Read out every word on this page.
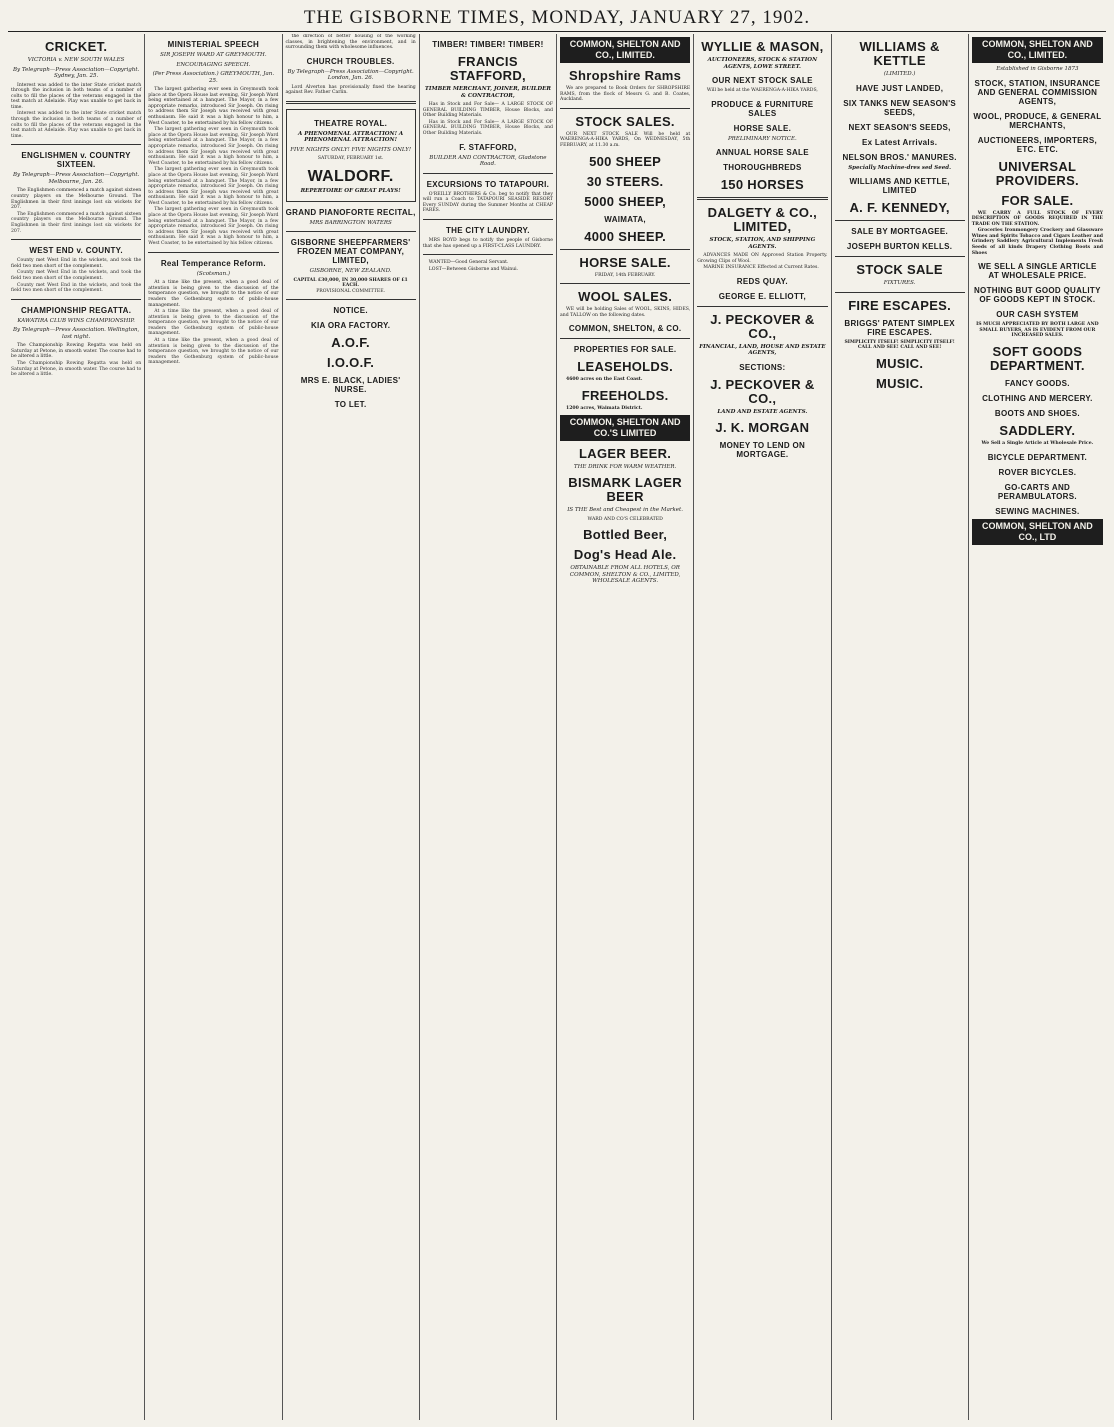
THE GISBORNE TIMES, MONDAY, JANUARY 27, 1902.
CRICKET.
VICTORIA v. NEW SOUTH WALES
By Telegraph—Press Association—Copyright. Sydney, Jan. 25.

Interest was added to the inter State cricket match through the inclusion in both teams of a number of colts to fill the places of the veterans engaged in the test match at Adelaide. Play was unable to get back in time.

Interest was added to the inter State cricket match through the inclusion in both teams of a number of colts to fill the places of the veterans engaged in the test match at Adelaide. Play was unable to get back in time.

ENGLISHMEN v. COUNTRY SIXTEEN.
By Telegraph—Press Association—Copyright. Melbourne, Jan. 26.

The Englishmen commenced a match against sixteen country players on the Melbourne Ground. The Englishmen in their first innings lost six wickets for 207.

The Englishmen commenced a match against sixteen country players on the Melbourne Ground. The Englishmen in their first innings lost six wickets for 207.

WEST END v. COUNTY.

County met West End in the wickets, and took the field two men short of the complement.

County met West End in the wickets, and took the field two men short of the complement.

County met West End in the wickets, and took the field two men short of the complement.

CHAMPIONSHIP REGATTA.
KAWATIRA CLUB WINS CHAMPIONSHIP.
By Telegraph—Press Association. Wellington, last night.

The Championship Rowing Regatta was held on Saturday at Petone, in smooth water. The course had to be altered a little.

The Championship Rowing Regatta was held on Saturday at Petone, in smooth water. The course had to be altered a little.

MINISTERIAL SPEECH
SIR JOSEPH WARD AT GREYMOUTH.
ENCOURAGING SPEECH.
(Per Press Association.) GREYMOUTH, Jan. 25.

The largest gathering ever seen in Greymouth took place at the Opera House last evening, Sir Joseph Ward being entertained at a banquet. The Mayor, in a few appropriate remarks, introduced Sir Joseph. On rising to address them Sir Joseph was received with great enthusiasm. He said it was a high honour to him, a West Coaster, to be entertained by his fellow citizens.

The largest gathering ever seen in Greymouth took place at the Opera House last evening, Sir Joseph Ward being entertained at a banquet. The Mayor, in a few appropriate remarks, introduced Sir Joseph. On rising to address them Sir Joseph was received with great enthusiasm. He said it was a high honour to him, a West Coaster, to be entertained by his fellow citizens.

The largest gathering ever seen in Greymouth took place at the Opera House last evening, Sir Joseph Ward being entertained at a banquet. The Mayor, in a few appropriate remarks, introduced Sir Joseph. On rising to address them Sir Joseph was received with great enthusiasm. He said it was a high honour to him, a West Coaster, to be entertained by his fellow citizens.

The largest gathering ever seen in Greymouth took place at the Opera House last evening, Sir Joseph Ward being entertained at a banquet. The Mayor, in a few appropriate remarks, introduced Sir Joseph. On rising to address them Sir Joseph was received with great enthusiasm. He said it was a high honour to him, a West Coaster, to be entertained by his fellow citizens.

Real Temperance Reform.
(Scotsman.)

At a time like the present, when a good deal of attention is being given to the discussion of the temperance question, we brought to the notice of our readers the Gothenburg system of public-house management.

At a time like the present, when a good deal of attention is being given to the discussion of the temperance question, we brought to the notice of our readers the Gothenburg system of public-house management.

At a time like the present, when a good deal of attention is being given to the discussion of the temperance question, we brought to the notice of our readers the Gothenburg system of public-house management.

the direction of better housing of the working classes, in brightening the environment, and in surrounding them with wholesome influences.

CHURCH TROUBLES.
By Telegraph—Press Association—Copyright. London, Jan. 26.

Lord Alverton has provisionally fixed the hearing against Rev. Father Carlin.

THEATRE ROYAL.
A PHENOMENAL ATTRACTION! A PHENOMENAL ATTRACTION!
FIVE NIGHTS ONLY! FIVE NIGHTS ONLY!
SATURDAY, FEBRUARY 1st.
WALDORF.
REPERTOIRE OF GREAT PLAYS!
GRAND PIANOFORTE RECITAL,
MRS BARRINGTON WATERS
GISBORNE SHEEPFARMERS' FROZEN MEAT COMPANY, LIMITED,
GISBORNE, NEW ZEALAND.
CAPITAL £30,000, IN 30,000 SHARES OF £1 EACH.
PROVISIONAL COMMITTEE.
NOTICE.
KIA ORA FACTORY.
A.O.F.
I.O.O.F.
MRS E. BLACK, LADIES' NURSE.
TO LET.
TIMBER! TIMBER! TIMBER!
FRANCIS STAFFORD,
TIMBER MERCHANT, JOINER, BUILDER & CONTRACTOR,

Has in Stock and For Sale— A LARGE STOCK OF GENERAL BUILDING TIMBER, House Blocks, and Other Building Materials.

Has in Stock and For Sale— A LARGE STOCK OF GENERAL BUILDING TIMBER, House Blocks, and Other Building Materials.

F. STAFFORD,
BUILDER AND CONTRACTOR, Gladstone Road.
EXCURSIONS TO TATAPOURI.

O'REILLY BROTHERS & Co. beg to notify that they will run a Coach to TATAPOURI SEASIDE RESORT Every SUNDAY during the Summer Months at CHEAP FARES.

THE CITY LAUNDRY.

MRS BOYD begs to notify the people of Gisborne that she has opened up a FIRST-CLASS LAUNDRY.

WANTED—Good General Servant.

LOST—Between Gisborne and Wainui.

COMMON, SHELTON AND CO., LIMITED.
Shropshire Rams

We are prepared to Book Orders for SHROPSHIRE RAMS, from the flock of Messrs G. and B. Coates, Auckland.

STOCK SALES.

OUR NEXT STOCK SALE Will be held at WAERENGA-A-HIKA YARDS, On WEDNESDAY, 5th FEBRUARY, at 11.30 a.m.

500 SHEEP
30 STEERS.
5000 SHEEP,
WAIMATA,
4000 SHEEP.
HORSE SALE.
FRIDAY, 14th FEBRUARY.
WOOL SALES.

WE will be holding Sales of WOOL, SKINS, HIDES, and TALLOW on the following dates.

COMMON, SHELTON, & CO.
PROPERTIES FOR SALE.
LEASEHOLDS.

4600 acres on the East Coast.

FREEHOLDS.

1200 acres, Waimata District.

COMMON, SHELTON AND CO.'S LIMITED
LAGER BEER.
THE DRINK FOR WARM WEATHER.
BISMARK LAGER BEER
IS THE Best and Cheapest in the Market.
WARD AND CO'S CELEBRATED
Bottled Beer,
Dog's Head Ale.
OBTAINABLE FROM ALL HOTELS, OR COMMON, SHELTON & CO., LIMITED, WHOLESALE AGENTS.
WYLLIE & MASON,
AUCTIONEERS, STOCK & STATION AGENTS, LOWE STREET.
OUR NEXT STOCK SALE
Will be held at the WAERENGA-A-HIKA YARDS,
PRODUCE & FURNITURE SALES
HORSE SALE.
PRELIMINARY NOTICE.
ANNUAL HORSE SALE
THOROUGHBREDS
150 HORSES
DALGETY & CO., LIMITED,
STOCK, STATION, AND SHIPPING AGENTS.

ADVANCES MADE ON Approved Station Property. Growing Clips of Wool.

MARINE INSURANCE Effected at Current Rates.

REDS QUAY.
GEORGE E. ELLIOTT,
J. PECKOVER & CO.,
FINANCIAL, LAND, HOUSE AND ESTATE AGENTS,
SECTIONS:
J. PECKOVER & CO.,
LAND AND ESTATE AGENTS.
J. K. MORGAN
MONEY TO LEND ON MORTGAGE.
WILLIAMS & KETTLE
(LIMITED.)
HAVE JUST LANDED,
SIX TANKS NEW SEASON'S SEEDS,
NEXT SEASON'S SEEDS,
Ex Latest Arrivals.
NELSON BROS.' MANURES.
Specially Machine-dres sed Seed.
WILLIAMS AND KETTLE, LIMITED
A. F. KENNEDY,
SALE BY MORTGAGEE.
JOSEPH BURTON KELLS.
STOCK SALE
FIXTURES.
FIRE ESCAPES.
BRIGGS' PATENT SIMPLEX FIRE ESCAPES.
SIMPLICITY ITSELF! SIMPLICITY ITSELF!
CALL AND SEE! CALL AND SEE!
MUSIC.
MUSIC.
COMMON, SHELTON AND CO., LIMITED.
Established in Gisborne 1873
STOCK, STATION, INSURANCE AND GENERAL COMMISSION AGENTS,
WOOL, PRODUCE, & GENERAL MERCHANTS,
AUCTIONEERS, IMPORTERS, ETC. ETC.
UNIVERSAL PROVIDERS.
FOR SALE.

WE CARRY A FULL STOCK OF EVERY DESCRIPTION OF GOODS REQUIRED IN THE TRADE ON THE STATION.

Groceries Ironmongery Crockery and Glassware Wines and Spirits Tobacco and Cigars Leather and Grindery Saddlery Agricultural Implements Fresh Seeds of all kinds Drapery Clothing Boots and Shoes

WE SELL A SINGLE ARTICLE AT WHOLESALE PRICE.
NOTHING BUT GOOD QUALITY OF GOODS KEPT IN STOCK.
OUR CASH SYSTEM
IS MUCH APPRECIATED BY BOTH LARGE AND SMALL BUYERS, AS IS EVIDENT FROM OUR INCREASED SALES.
SOFT GOODS DEPARTMENT.
FANCY GOODS.
CLOTHING AND MERCERY.
BOOTS AND SHOES.
SADDLERY.
We Sell a Single Article at Wholesale Price.
BICYCLE DEPARTMENT.
ROVER BICYCLES.
GO-CARTS AND PERAMBULATORS.
SEWING MACHINES.
COMMON, SHELTON AND CO., LTD
